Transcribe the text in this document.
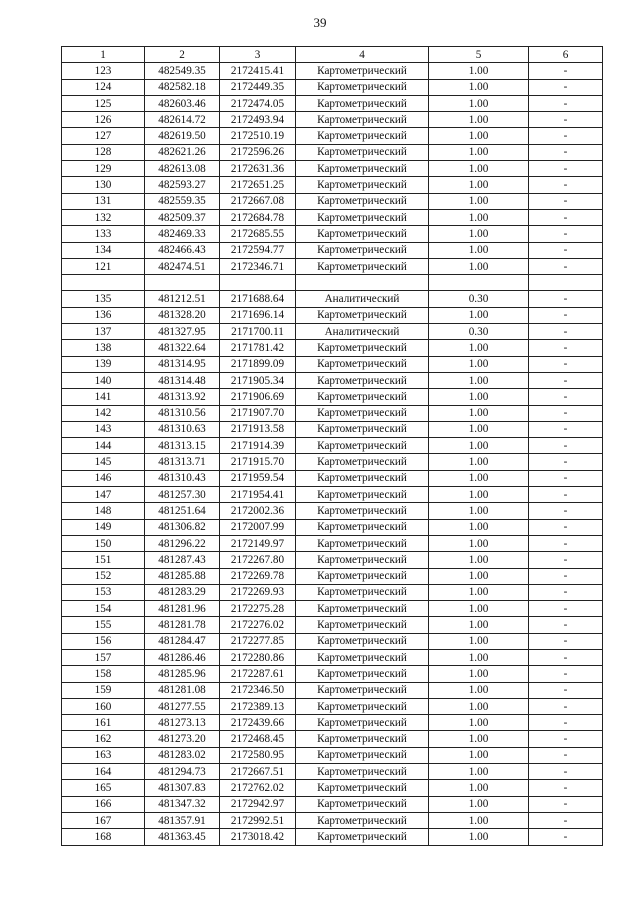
39
1	2	3	4	5	6
123	482549.35	2172415.41	Картометрический	1.00	-
124	482582.18	2172449.35	Картометрический	1.00	-
125	482603.46	2172474.05	Картометрический	1.00	-
126	482614.72	2172493.94	Картометрический	1.00	-
127	482619.50	2172510.19	Картометрический	1.00	-
128	482621.26	2172596.26	Картометрический	1.00	-
129	482613.08	2172631.36	Картометрический	1.00	-
130	482593.27	2172651.25	Картометрический	1.00	-
131	482559.35	2172667.08	Картометрический	1.00	-
132	482509.37	2172684.78	Картометрический	1.00	-
133	482469.33	2172685.55	Картометрический	1.00	-
134	482466.43	2172594.77	Картометрический	1.00	-
121	482474.51	2172346.71	Картометрический	1.00	-

135	481212.51	2171688.64	Аналитический	0.30	-
136	481328.20	2171696.14	Картометрический	1.00	-
137	481327.95	2171700.11	Аналитический	0.30	-
138	481322.64	2171781.42	Картометрический	1.00	-
139	481314.95	2171899.09	Картометрический	1.00	-
140	481314.48	2171905.34	Картометрический	1.00	-
141	481313.92	2171906.69	Картометрический	1.00	-
142	481310.56	2171907.70	Картометрический	1.00	-
143	481310.63	2171913.58	Картометрический	1.00	-
144	481313.15	2171914.39	Картометрический	1.00	-
145	481313.71	2171915.70	Картометрический	1.00	-
146	481310.43	2171959.54	Картометрический	1.00	-
147	481257.30	2171954.41	Картометрический	1.00	-
148	481251.64	2172002.36	Картометрический	1.00	-
149	481306.82	2172007.99	Картометрический	1.00	-
150	481296.22	2172149.97	Картометрический	1.00	-
151	481287.43	2172267.80	Картометрический	1.00	-
152	481285.88	2172269.78	Картометрический	1.00	-
153	481283.29	2172269.93	Картометрический	1.00	-
154	481281.96	2172275.28	Картометрический	1.00	-
155	481281.78	2172276.02	Картометрический	1.00	-
156	481284.47	2172277.85	Картометрический	1.00	-
157	481286.46	2172280.86	Картометрический	1.00	-
158	481285.96	2172287.61	Картометрический	1.00	-
159	481281.08	2172346.50	Картометрический	1.00	-
160	481277.55	2172389.13	Картометрический	1.00	-
161	481273.13	2172439.66	Картометрический	1.00	-
162	481273.20	2172468.45	Картометрический	1.00	-
163	481283.02	2172580.95	Картометрический	1.00	-
164	481294.73	2172667.51	Картометрический	1.00	-
165	481307.83	2172762.02	Картометрический	1.00	-
166	481347.32	2172942.97	Картометрический	1.00	-
167	481357.91	2172992.51	Картометрический	1.00	-
168	481363.45	2173018.42	Картометрический	1.00	-
